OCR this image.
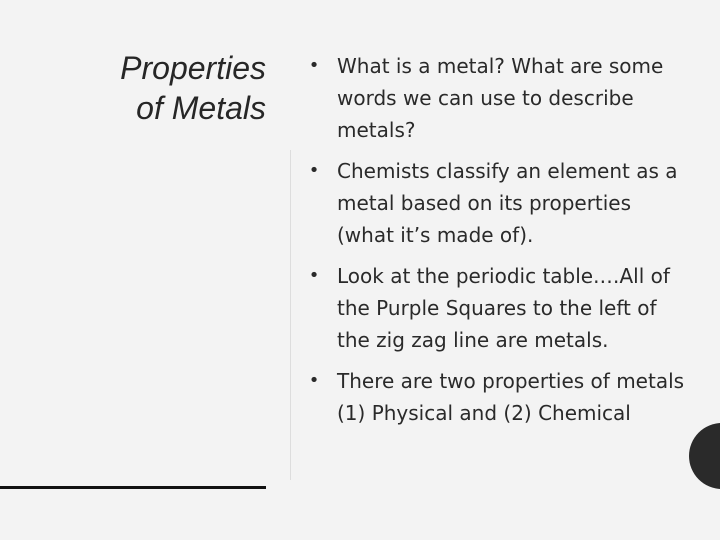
Properties
of Metals
• What is a metal? What are some words we can use to describe metals?
• Chemists classify an element as a metal based on its properties (what it’s made of).
• Look at the periodic table.…All of the Purple Squares to the left of the zig zag line are metals.
• There are two properties of metals (1) Physical and (2) Chemical
